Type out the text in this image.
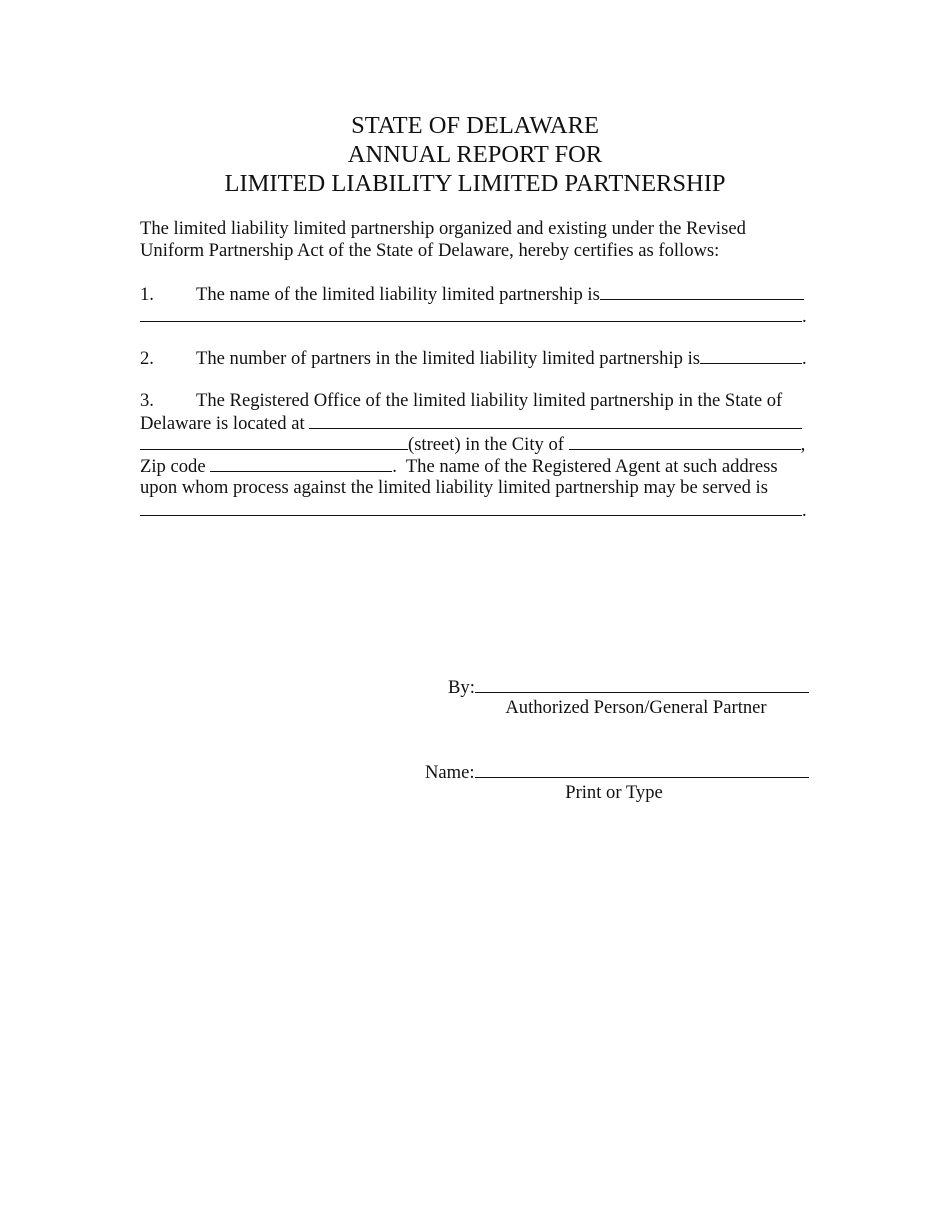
STATE OF DELAWARE
ANNUAL REPORT FOR
LIMITED LIABILITY LIMITED PARTNERSHIP
The limited liability limited partnership organized and existing under the Revised
Uniform Partnership Act of the State of Delaware, hereby certifies as follows:
1. The name of the limited liability limited partnership is
.
2. The number of partners in the limited liability limited partnership is	.
3. The Registered Office of the limited liability limited partnership in the State of
Delaware is located at
(street) in the City of	,
Zip code	.  The name of the Registered Agent at such address
upon whom process against the limited liability limited partnership may be served is
.
By:
Authorized Person/General Partner
Name:
Print or Type
